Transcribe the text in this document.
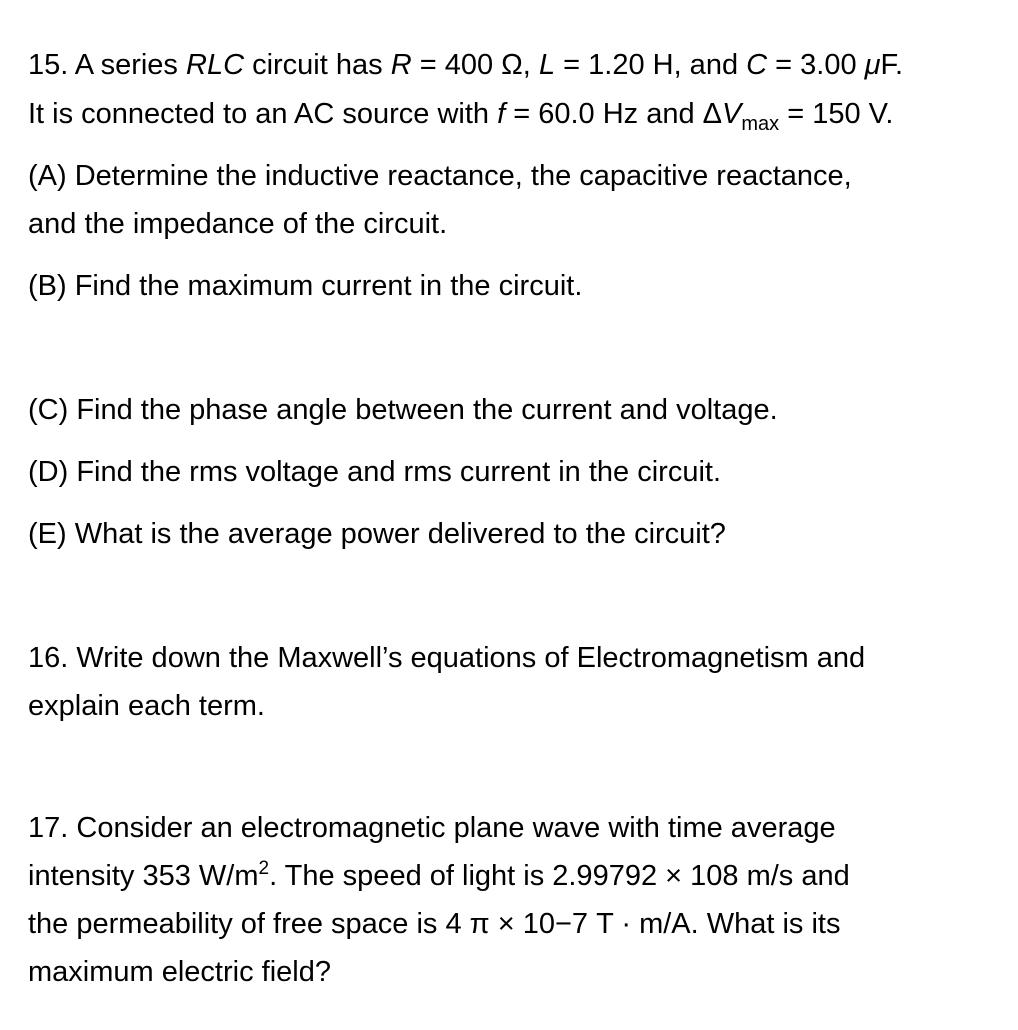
15. A series RLC circuit has R = 400 Ω, L = 1.20 H, and C = 3.00 μF.
It is connected to an AC source with f = 60.0 Hz and $\Delta V_{max} = 150$ V.
(A) Determine the inductive reactance, the capacitive reactance,
and the impedance of the circuit.
(B) Find the maximum current in the circuit.
(C) Find the phase angle between the current and voltage.
(D) Find the rms voltage and rms current in the circuit.
(E) What is the average power delivered to the circuit?
16. Write down the Maxwell’s equations of Electromagnetism and
explain each term.
17. Consider an electromagnetic plane wave with time average
intensity 353 $W/m^2$. The speed of light is 2.99792 × 108 m/s and
the permeability of free space is 4 π × 10−7 T · m/A. What is its
maximum electric field?
